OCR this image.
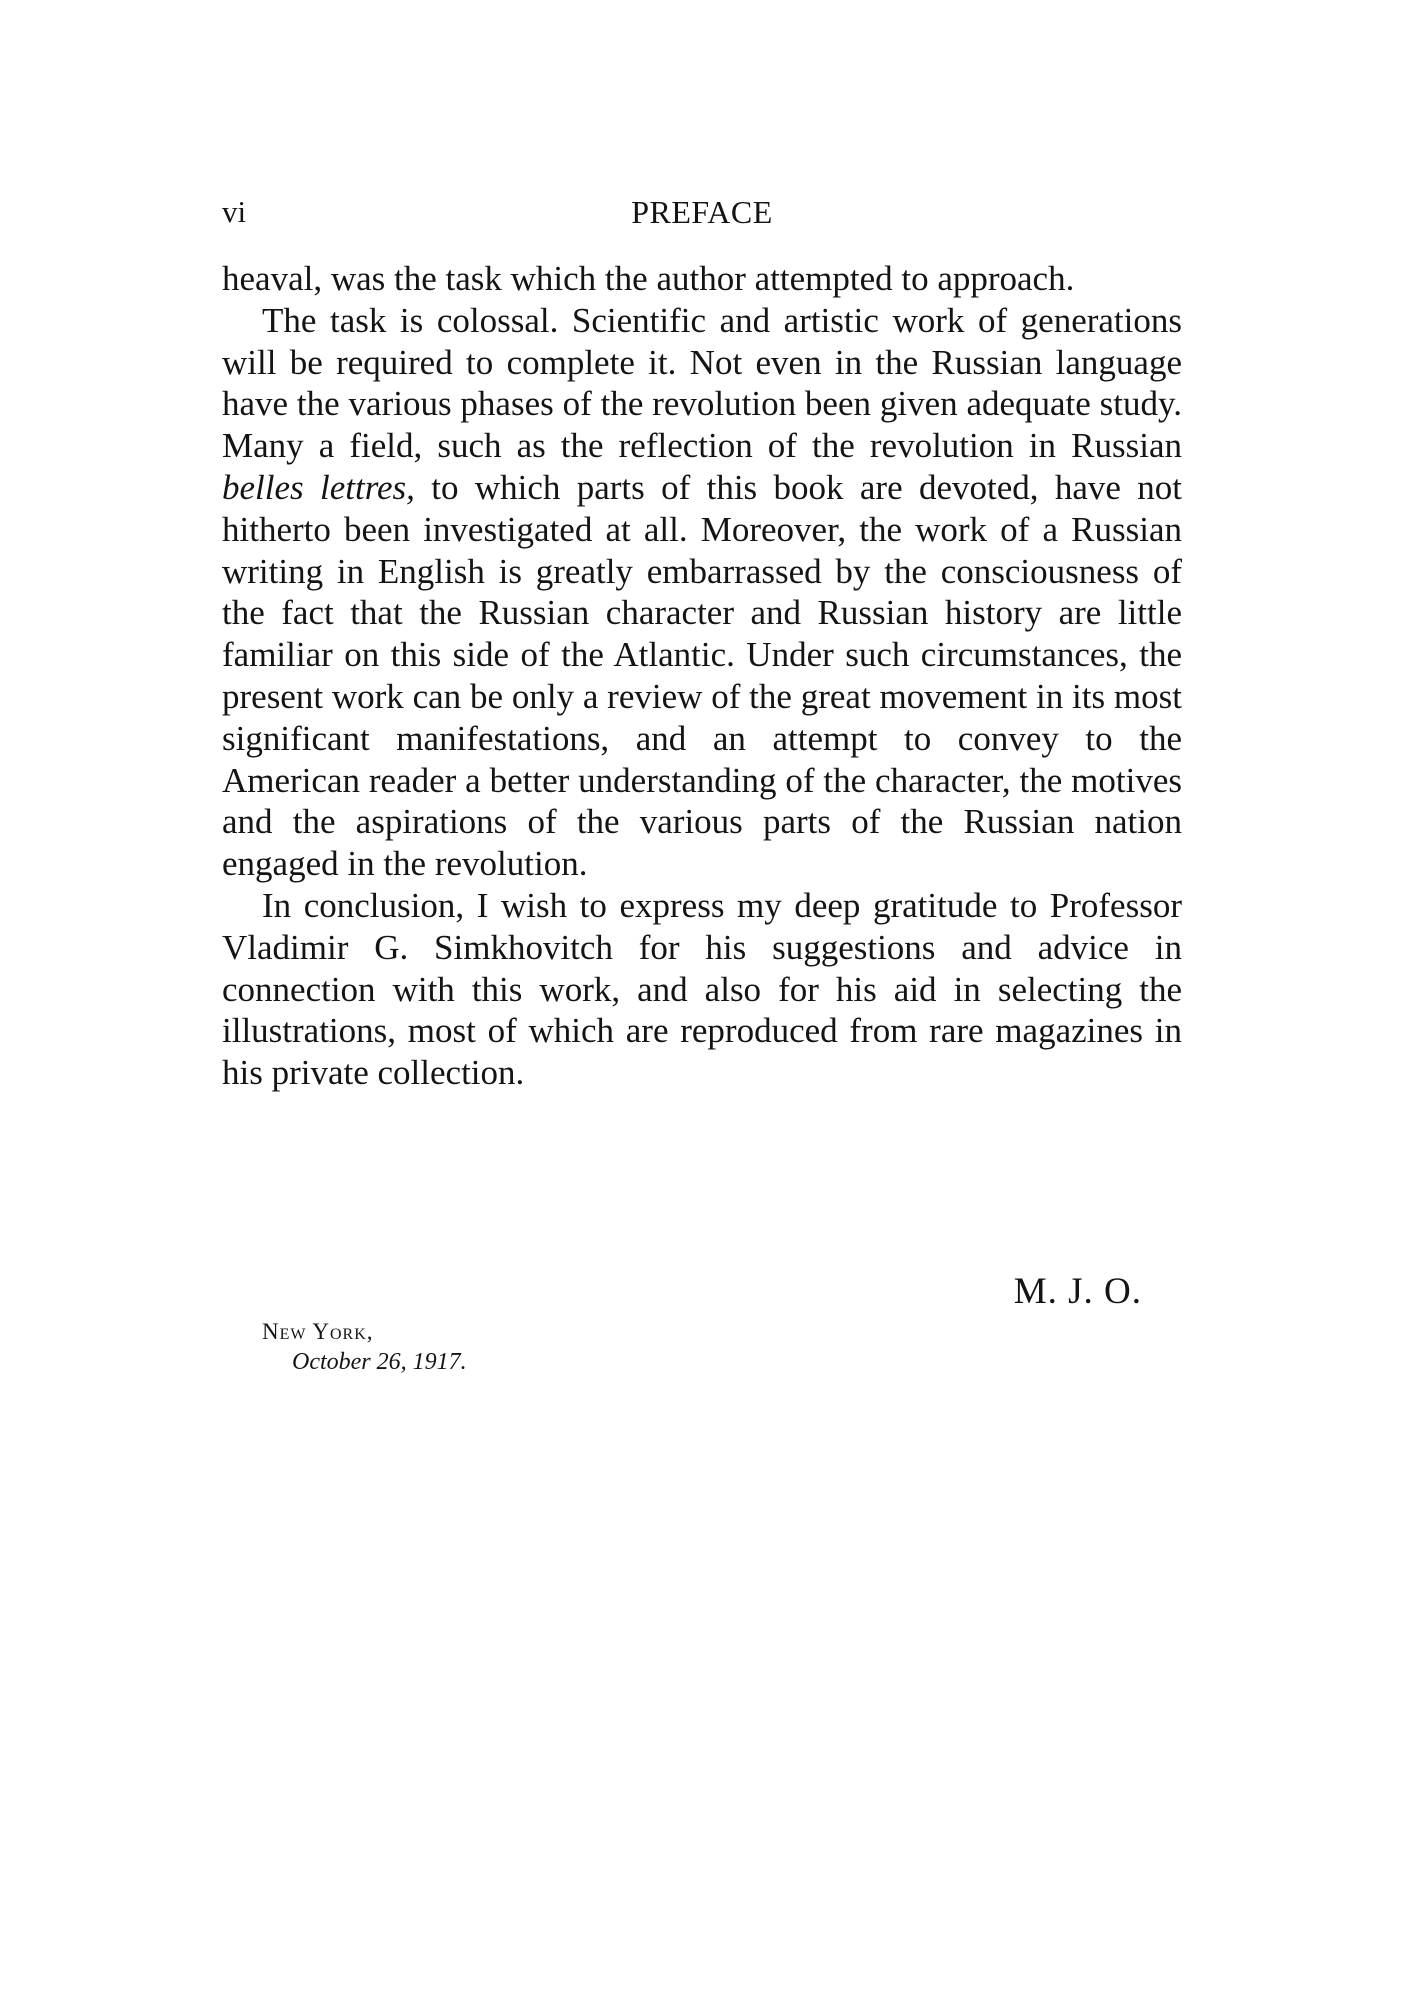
vi	PREFACE

heaval, was the task which the author attempted to approach.

The task is colossal. Scientific and artistic work of generations will be required to complete it. Not even in the Russian language have the various phases of the revolution been given adequate study. Many a field, such as the reflection of the revolution in Russian belles lettres, to which parts of this book are devoted, have not hitherto been investigated at all. Moreover, the work of a Russian writing in English is greatly embarrassed by the consciousness of the fact that the Russian character and Russian history are little familiar on this side of the Atlantic. Under such circumstances, the present work can be only a review of the great movement in its most significant manifestations, and an attempt to convey to the American reader a better understanding of the character, the motives and the aspirations of the various parts of the Russian nation engaged in the revolution.

In conclusion, I wish to express my deep gratitude to Professor Vladimir G. Simkhovitch for his suggestions and advice in connection with this work, and also for his aid in selecting the illustrations, most of which are reproduced from rare magazines in his private collection.

M. J. O.
New York,
October 26, 1917.
